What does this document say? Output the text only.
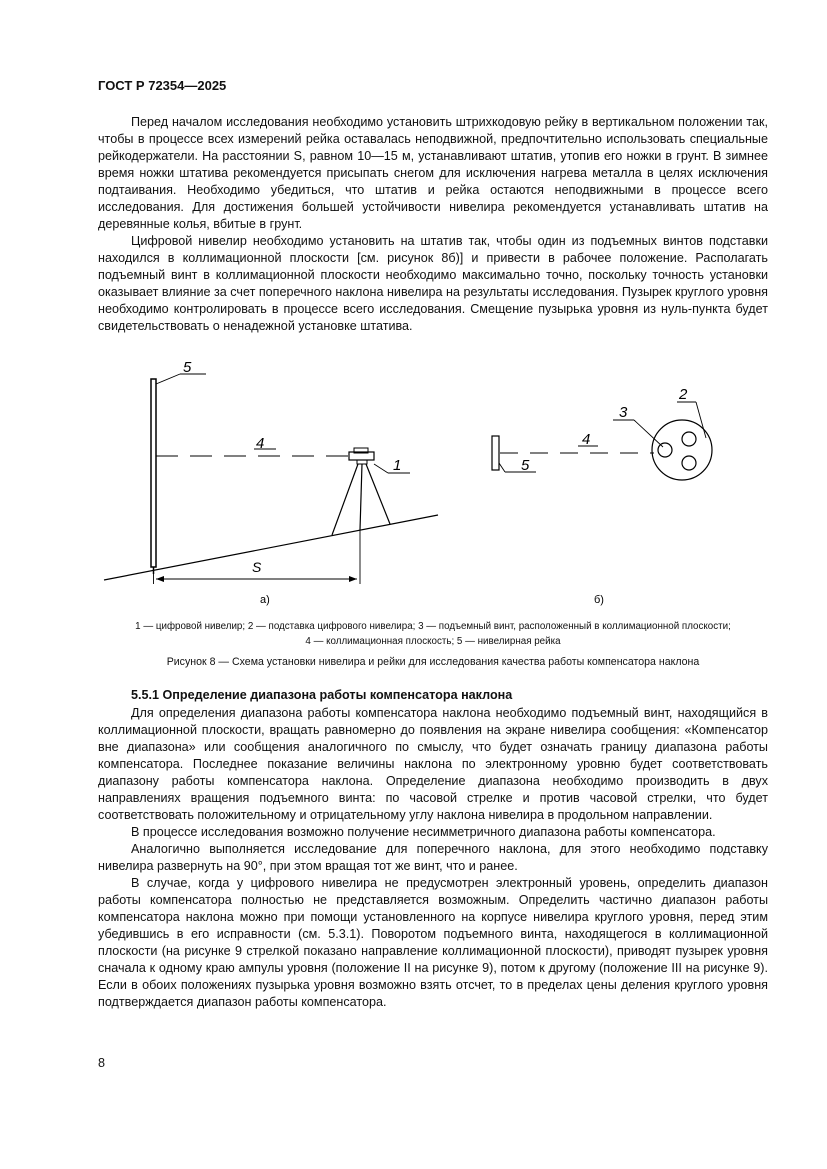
ГОСТ Р 72354—2025

Перед началом исследования необходимо установить штрихкодовую рейку в вертикальном положении так, чтобы в процессе всех измерений рейка оставалась неподвижной, предпочтительно использовать специальные рейкодержатели. На расстоянии S, равном 10—15 м, устанавливают штатив, утопив его ножки в грунт. В зимнее время ножки штатива рекомендуется присыпать снегом для исключения нагрева металла в целях исключения подтаивания. Необходимо убедиться, что штатив и рейка остаются неподвижными в процессе всего исследования. Для достижения большей устойчивости нивелира рекомендуется устанавливать штатив на деревянные колья, вбитые в грунт.

Цифровой нивелир необходимо установить на штатив так, чтобы один из подъемных винтов подставки находился в коллимационной плоскости [см. рисунок 8б)] и привести в рабочее положение. Располагать подъемный винт в коллимационной плоскости необходимо максимально точно, поскольку точность установки оказывает влияние за счет поперечного наклона нивелира на результаты исследования. Пузырек круглого уровня необходимо контролировать в процессе всего исследования. Смещение пузырька уровня из нуль-пункта будет свидетельствовать о ненадежной установке штатива.

5
4
1
S
а)
5
4
3
2
б)
1 — цифровой нивелир; 2 — подставка цифрового нивелира; 3 — подъемный винт, расположенный в коллимационной плоскости;
4 — коллимационная плоскость; 5 — нивелирная рейка
Рисунок 8 — Схема установки нивелира и рейки для исследования качества работы компенсатора наклона
5.5.1 Определение диапазона работы компенсатора наклона

Для определения диапазона работы компенсатора наклона необходимо подъемный винт, находящийся в коллимационной плоскости, вращать равномерно до появления на экране нивелира сообщения: «Компенсатор вне диапазона» или сообщения аналогичного по смыслу, что будет означать границу диапазона работы компенсатора. Последнее показание величины наклона по электронному уровню будет соответствовать диапазону работы компенсатора наклона. Определение диапазона необходимо производить в двух направлениях вращения подъемного винта: по часовой стрелке и против часовой стрелки, что будет соответствовать положительному и отрицательному углу наклона нивелира в продольном направлении.

В процессе исследования возможно получение несимметричного диапазона работы компенсатора.

Аналогично выполняется исследование для поперечного наклона, для этого необходимо подставку нивелира развернуть на 90°, при этом вращая тот же винт, что и ранее.

В случае, когда у цифрового нивелира не предусмотрен электронный уровень, определить диапазон работы компенсатора полностью не представляется возможным. Определить частично диапазон работы компенсатора наклона можно при помощи установленного на корпусе нивелира круглого уровня, перед этим убедившись в его исправности (см. 5.3.1). Поворотом подъемного винта, находящегося в коллимационной плоскости (на рисунке 9 стрелкой показано направление коллимационной плоскости), приводят пузырек уровня сначала к одному краю ампулы уровня (положение II на рисунке 9), потом к другому (положение III на рисунке 9). Если в обоих положениях пузырька уровня возможно взять отсчет, то в пределах цены деления круглого уровня подтверждается диапазон работы компенсатора.

8
